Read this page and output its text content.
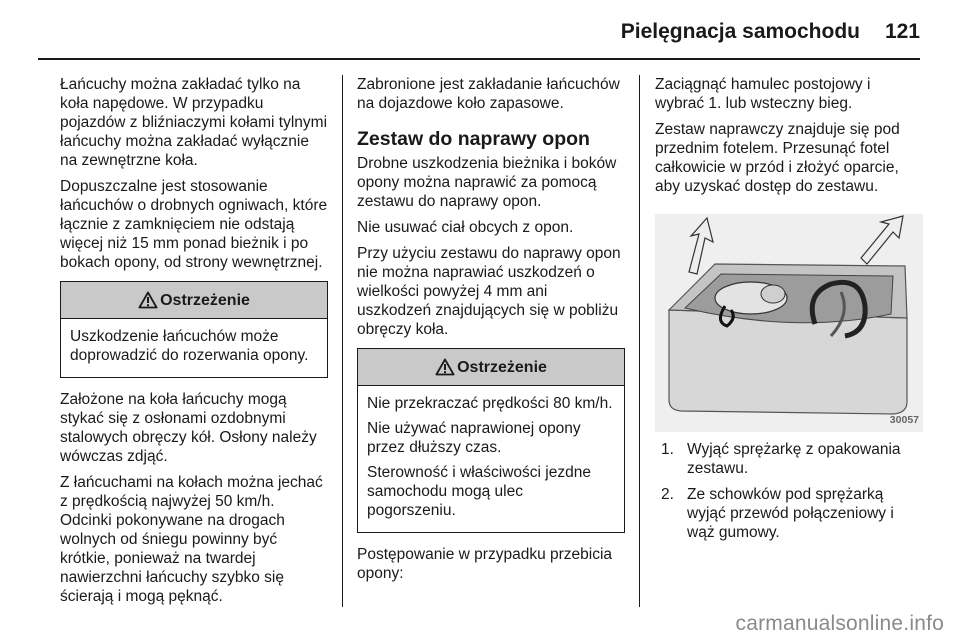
Pielęgnacja samochodu 121

Łańcuchy można zakładać tylko na koła napędowe. W przypadku pojazdów z bliźniaczymi kołami tylnymi łańcuchy można zakładać wyłącznie na zewnętrzne koła.

Dopuszczalne jest stosowanie łańcuchów o drobnych ogniwach, które łącznie z zamknięciem nie odstają więcej niż 15 mm ponad bieżnik i po bokach opony, od strony wewnętrznej.

Ostrzeżenie

Uszkodzenie łańcuchów może doprowadzić do rozerwania opony.

Założone na koła łańcuchy mogą stykać się z osłonami ozdobnymi stalowych obręczy kół. Osłony należy wówczas zdjąć.

Z łańcuchami na kołach można jechać z prędkością najwyżej 50 km/h. Odcinki pokonywane na drogach wolnych od śniegu powinny być krótkie, ponieważ na twardej nawierzchni łańcuchy szybko się ścierają i mogą pęknąć.

Zabronione jest zakładanie łańcuchów na dojazdowe koło zapasowe.

Zestaw do naprawy opon

Drobne uszkodzenia bieżnika i boków opony można naprawić za pomocą zestawu do naprawy opon.

Nie usuwać ciał obcych z opon.

Przy użyciu zestawu do naprawy opon nie można naprawiać uszkodzeń o wielkości powyżej 4 mm ani uszkodzeń znajdujących się w pobliżu obręczy koła.

Ostrzeżenie

Nie przekraczać prędkości 80 km/h.

Nie używać naprawionej opony przez dłuższy czas.

Sterowność i właściwości jezdne samochodu mogą ulec pogorszeniu.

Postępowanie w przypadku przebicia opony:

Zaciągnąć hamulec postojowy i wybrać 1. lub wsteczny bieg.

Zestaw naprawczy znajduje się pod przednim fotelem. Przesunąć fotel całkowicie w przód i złożyć oparcie, aby uzyskać dostęp do zestawu.

30057
1. Wyjąć sprężarkę z opakowania zestawu.
2. Ze schowków pod sprężarką wyjąć przewód połączeniowy i wąż gumowy.
carmanualsonline.info
